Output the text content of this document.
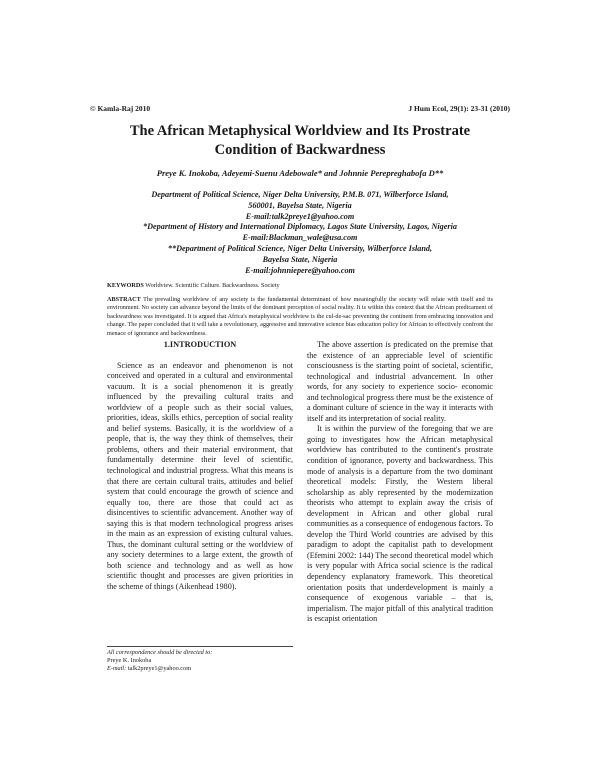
© Kamla-Raj 2010	J Hum Ecol, 29(1): 23-31 (2010)
The African Metaphysical Worldview and Its Prostrate
Condition of Backwardness
Preye K. Inokoba, Adeyemi-Suenu Adebowale* and Johnnie Perepreghabofa D**
Department of Political Science, Niger Delta University, P.M.B. 071, Wilberforce Island,
560001, Bayelsa State, Nigeria
E-mail:talk2preye1@yahoo.com
*Department of History and International Diplomacy, Lagos State University, Lagos, Nigeria
E-mail:Blackman_wale@usa.com
**Department of Political Science, Niger Delta University, Wilberforce Island,
Bayelsa State, Nigeria
E-mail:johnniepere@yahoo.com
KEYWORDS Worldview. Scientific Culture. Backwardness. Society
ABSTRACT The prevailing worldview of any society is the fundamental determinant of how meaningfully the society will relate with itself and its environment. No society can advance beyond the limits of the dominant perception of social reality. It is within this context that the African predicament of backwardness was investigated. It is argued that Africa's metaphysical worldview is the cul-de-sac preventing the continent from embracing innovation and change. The paper concluded that it will take a revolutionary, aggressive and innovative science bias education policy for African to effectively confront the menace of ignorance and backwardness.
1.INTRODUCTION

Science as an endeavor and phenomenon is not conceived and operated in a cultural and environmental vacuum. It is a social phenomenon it is greatly influenced by the prevailing cultural traits and worldview of a people such as their social values, priorities, ideas, skills ethics, perception of social reality and belief systems. Basically, it is the worldview of a people, that is, the way they think of themselves, their problems, others and their material environment, that fundamentally determine their level of scientific, technological and industrial progress. What this means is that there are certain cultural traits, attitudes and belief system that could encourage the growth of science and equally too, there are those that could act as disincentives to scientific advancement. Another way of saying this is that modern technological progress arises in the main as an expression of existing cultural values. Thus, the dominant cultural setting or the worldview of any society determines to a large extent, the growth of both science and technology and as well as how scientific thought and processes are given priorities in the scheme of things (Aikenhead 1980).

All correspondence should be directed to:
Preye K. Inokoba
E-mail: talk2preye1@yahoo.com

The above assertion is predicated on the premise that the existence of an appreciable level of scientific consciousness is the starting point of societal, scientific, technological and industrial advancement. In other words, for any society to experience socio- economic and technological progress there must be the existence of a dominant culture of science in the way it interacts with itself and its interpretation of social reality.

It is within the purview of the foregoing that we are going to investigates how the African metaphysical worldview has contributed to the continent's prostrate condition of ignorance, poverty and backwardness. This mode of analysis is a departure from the two dominant theoretical models: Firstly, the Western liberal scholarship as ably represented by the modernization theorists who attempt to explain away the crisis of development in African and other global rural communities as a consequence of endogenous factors. To develop the Third World countries are advised by this paradigm to adopt the capitalist path to development (Efemini 2002: 144) The second theoretical model which is very popular with Africa social science is the radical dependency explanatory framework. This theoretical orientation posits that underdevelopment is mainly a consequence of exogenous variable – that is, imperialism. The major pitfall of this analytical tradition is escapist orientation
